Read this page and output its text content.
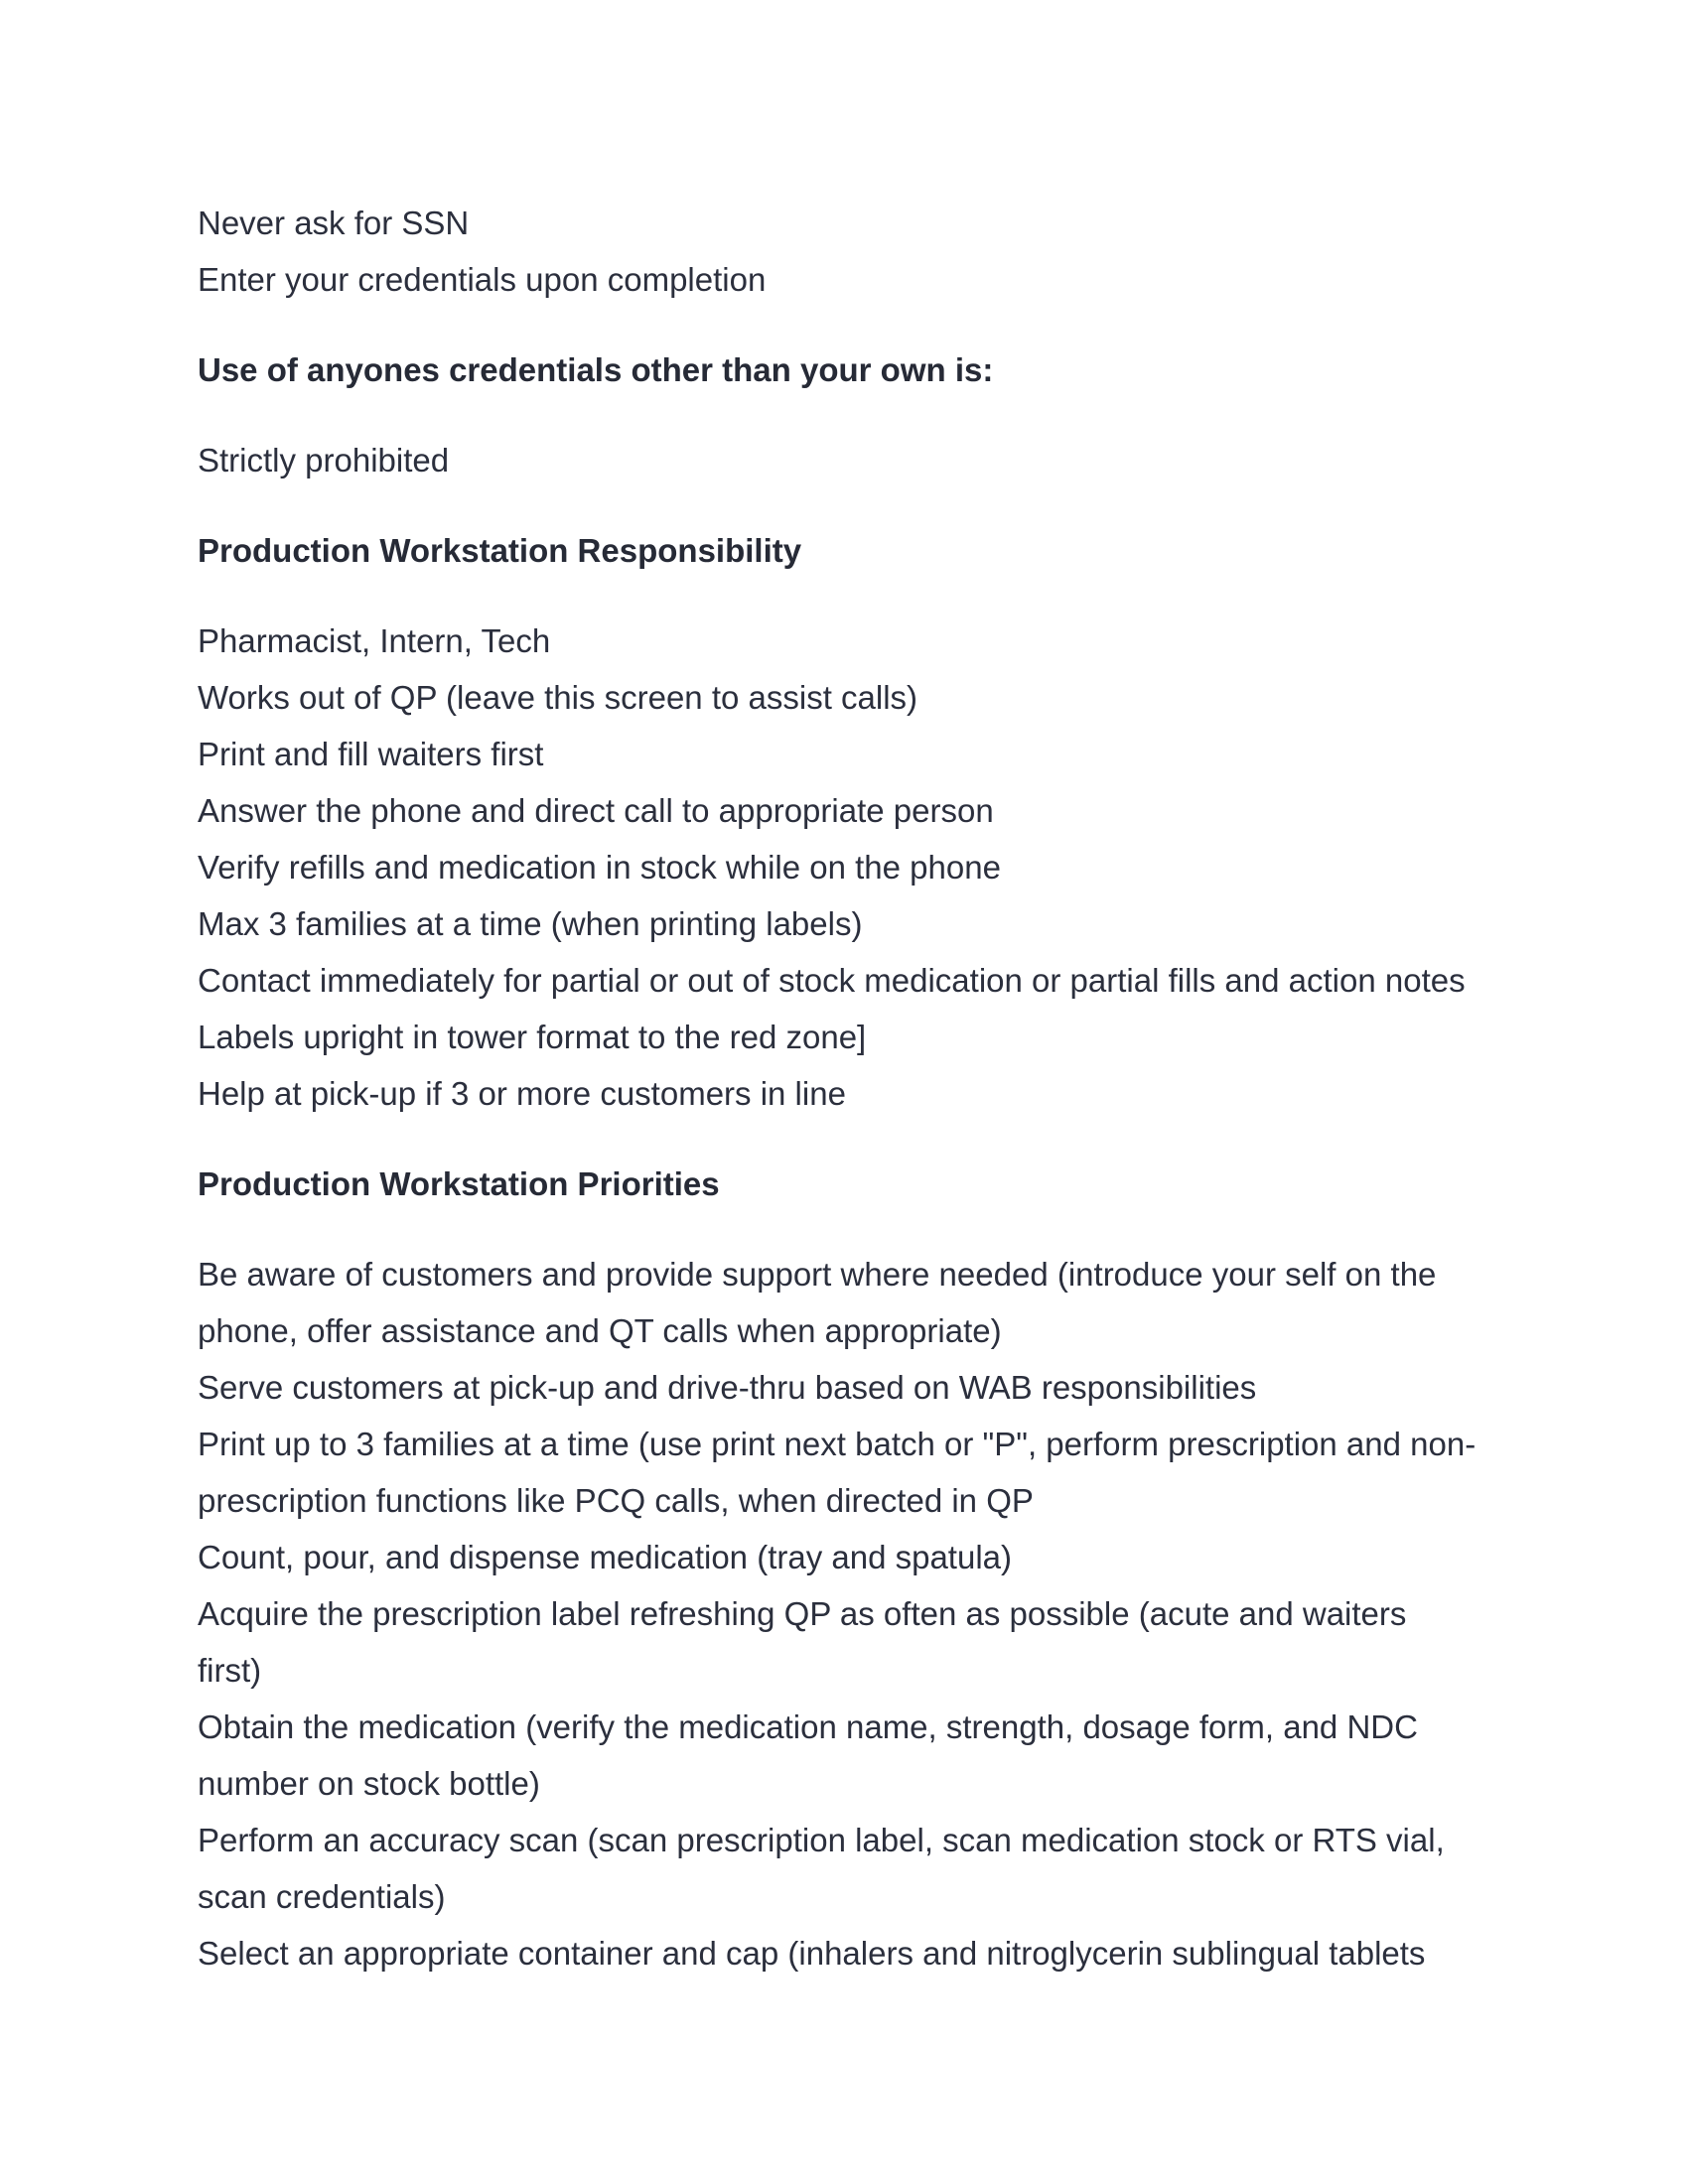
Never ask for SSN

Enter your credentials upon completion

Use of anyones credentials other than your own is:

Strictly prohibited

Production Workstation Responsibility

Pharmacist, Intern, Tech

Works out of QP (leave this screen to assist calls)

Print and fill waiters first

Answer the phone and direct call to appropriate person

Verify refills and medication in stock while on the phone

Max 3 families at a time (when printing labels)

Contact immediately for partial or out of stock medication or partial fills and action notes

Labels upright in tower format to the red zone]

Help at pick-up if 3 or more customers in line

Production Workstation Priorities

Be aware of customers and provide support where needed (introduce your self on the phone, offer assistance and QT calls when appropriate)

Serve customers at pick-up and drive-thru based on WAB responsibilities

Print up to 3 families at a time (use print next batch or "P", perform prescription and non-prescription functions like PCQ calls, when directed in QP

Count, pour, and dispense medication (tray and spatula)

Acquire the prescription label refreshing QP as often as possible (acute and waiters first)

Obtain the medication (verify the medication name, strength, dosage form, and NDC number on stock bottle)

Perform an accuracy scan (scan prescription label, scan medication stock or RTS vial, scan credentials)

Select an appropriate container and cap (inhalers and nitroglycerin sublingual tablets
